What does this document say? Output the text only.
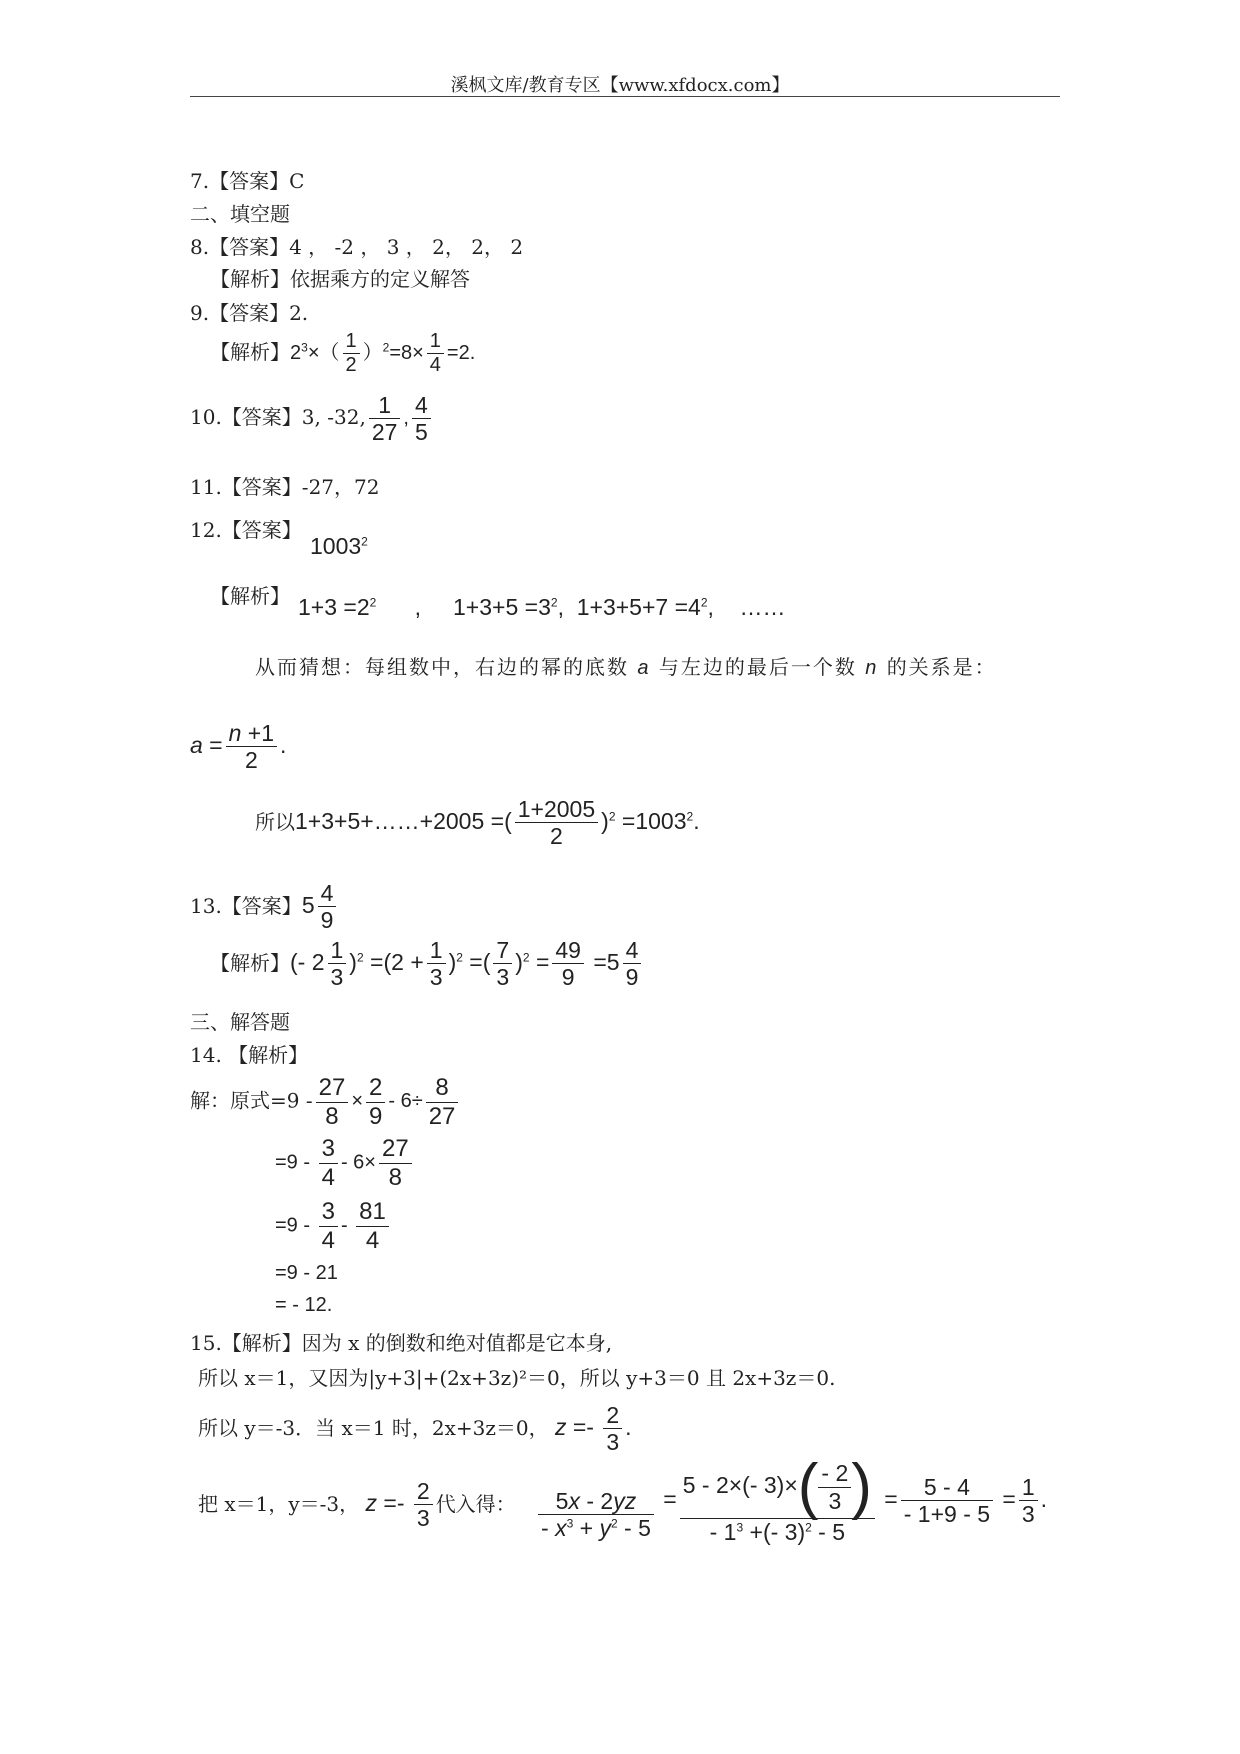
溪枫文库/教育专区【www.xfdocx.com】
7.【答案】C
二、填空题
8.【答案】4 ， -2 ， 3 ， 2， 2， 2
【解析】依据乘方的定义解答
9.【答案】2.
【解析】$2^3\times( \frac{1}{2} )^2=8\times \frac{1}{4} =2$.
10.【答案】3, -32, $\frac{1}{27}$ , $\frac{4}{5}$
11.【答案】-27，72
12.【答案】
1003$^2$
【解析】 $1+3 =2^2$      ,     $1+3+5 =3^2$,  $1+3+5+7 =4^2$,    ……
从而猜想：每组数中，右边的幂的底数 a 与左边的最后一个数 n 的关系是：
$a = \frac{n +1}{2}$ .
所以1+3+5+……+2005 =( $\frac{1+2005}{2} )^2 =1003^2$.
13.【答案】$5 \frac{4}{9}$
【解析】(- $2 \frac{1}{3} )^2 =(2 + \frac{1}{3} )^2$ =( $\frac{7}{3} )^2 = \frac{49}{9} =5 \frac{4}{9}$
三、解答题
14. 【解析】
解：原式$=9 - \frac{27}{8} \times \frac{2}{9} - 6\div \frac{8}{27}$
$=9 - \frac{3}{4} - 6\times \frac{27}{8}$
$=9 - \frac{3}{4} - \frac{81}{4}$
=9 - 21
= - 12.
15.【解析】因为 x 的倒数和绝对值都是它本身,
所以 x＝1，又因为|y+3|+(2x+3z)²＝0，所以 y+3＝0 且 2x+3z＝0.
所以 y＝-3．当 x＝1 时，2x+3z＝0， $z =- \frac{2}{3}$ .
把 x＝1，y＝-3， $z =- \frac{2}{3}$ 代入得： $\frac{5x - 2yz}{- x^3 + y^2 - 5} = \frac{5 - 2\times(- 3)\times( \frac{- 2}{3} )}{- 1^3 +(- 3)^2 - 5} = \frac{5 - 4}{- 1+9 - 5} = \frac{1}{3}$ .
